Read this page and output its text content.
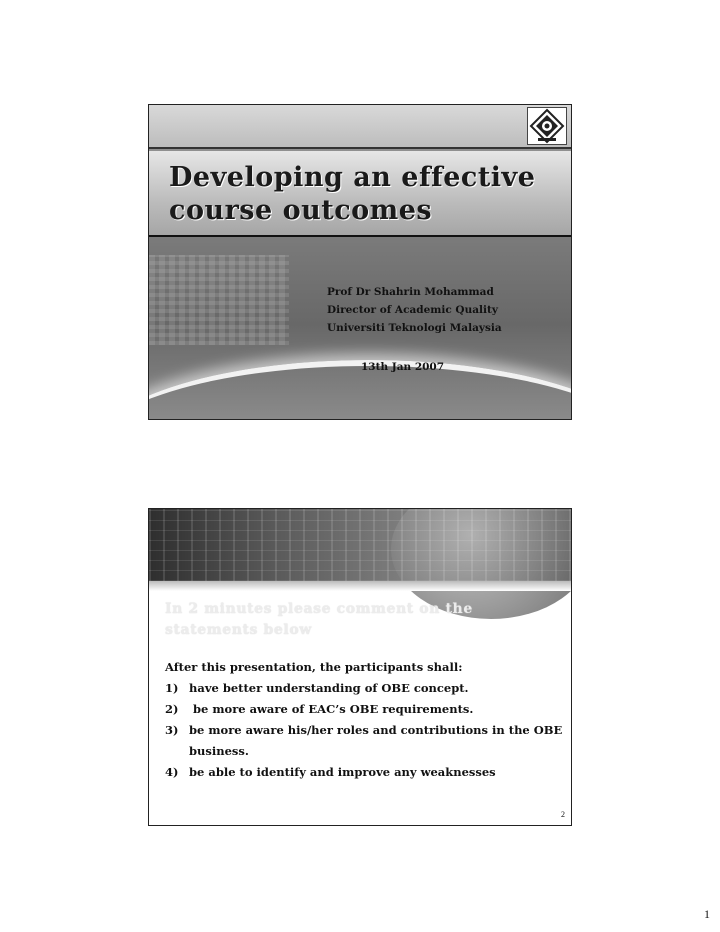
Developing an effective course outcomes
Prof Dr Shahrin Mohammad
Director of Academic Quality
Universiti Teknologi Malaysia
13th Jan 2007
In 2 minutes please comment on the statements below
After this presentation, the participants shall:
1) have better understanding of OBE concept.
2) be more aware of EAC’s OBE requirements.
3) be more aware his/her roles and contributions in the OBE business.
4) be able to identify and improve any weaknesses
2
1
